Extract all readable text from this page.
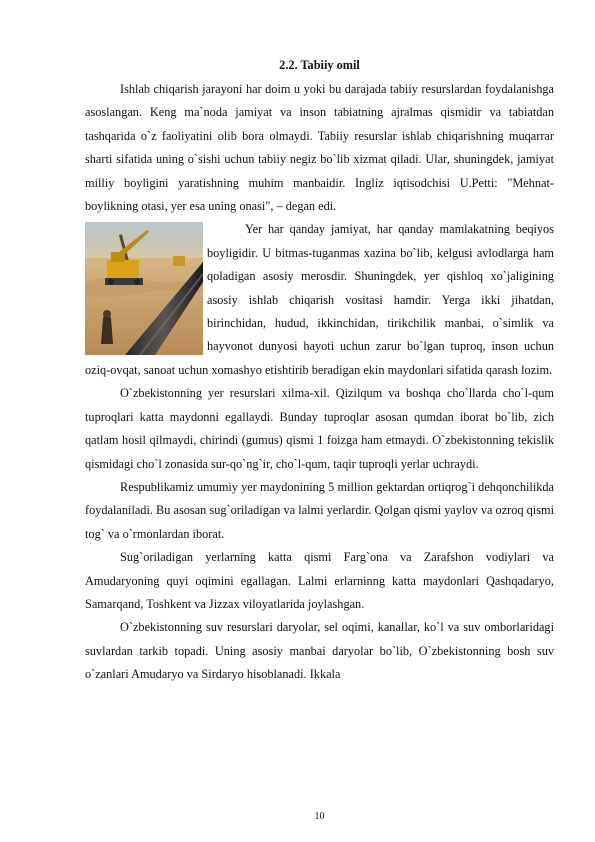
2.2. Tabiiy omil

Ishlab chiqarish jarayoni har doim u yoki bu darajada tabiiy resurslardan foydalanishga asoslangan. Keng ma`noda jamiyat va inson tabiatning ajralmas qismidir va tabiatdan tashqarida o`z faoliyatini olib bora olmaydi. Tabiiy resurslar ishlab chiqarishning muqarrar sharti sifatida uning o`sishi uchun tabiiy negiz bo`lib xizmat qiladi. Ular, shuningdek, jamiyat milliy boyligini yaratishning muhim manbaidir. Ingliz iqtisodchisi U.Petti: "Mehnat-boylikning otasi, yer esa uning onasi", – degan edi.

Yer har qanday jamiyat, har qanday mamlakatning beqiyos boyligidir. U bitmas-tuganmas xazina bo`lib, kelgusi avlodlarga ham qoladigan asosiy merosdir. Shuningdek, yer qishloq xo`jaligining asosiy ishlab chiqarish vositasi hamdir. Yerga ikki jihatdan, birinchidan, hudud, ikkinchidan, tirikchilik manbai, o`simlik va hayvonot dunyosi hayoti uchun zarur bo`lgan tuproq, inson uchun oziq-ovqat, sanoat uchun xomashyo etishtirib beradigan ekin maydonlari sifatida qarash lozim.

O`zbekistonning yer resurslari xilma-xil. Qizilqum va boshqa cho`llarda cho`l-qum tuproqlari katta maydonni egallaydi. Bunday tuproqlar asosan qumdan iborat bo`lib, zich qatlam hosil qilmaydi, chirindi (gumus) qismi 1 foizga ham etmaydi. O`zbekistonning tekislik qismidagi cho`l zonasida sur-qo`ng`ir, cho`l-qum, taqir tuproqli yerlar uchraydi.

Respublikamiz umumiy yer maydonining 5 million gektardan ortiqrog`i dehqonchilikda foydalaniladi. Bu asosan sug`oriladigan va lalmi yerlardir. Qolgan qismi yaylov va ozroq qismi tog` va o`rmonlardan iborat.

Sug`oriladigan yerlarning katta qismi Farg`ona va Zarafshon vodiylari va Amudaryoning quyi oqimini egallagan. Lalmi erlarninng katta maydonlari Qashqadaryo, Samarqand, Toshkent va Jizzax viloyatlarida joylashgan.

O`zbekistonning suv resurslari daryolar, sel oqimi, kanallar, ko`l va suv omborlaridagi suvlardan tarkib topadi. Uning asosiy manbai daryolar bo`lib, O`zbekistonning bosh suv o`zanlari Amudaryo va Sirdaryo hisoblanadi. Ikkala

10
